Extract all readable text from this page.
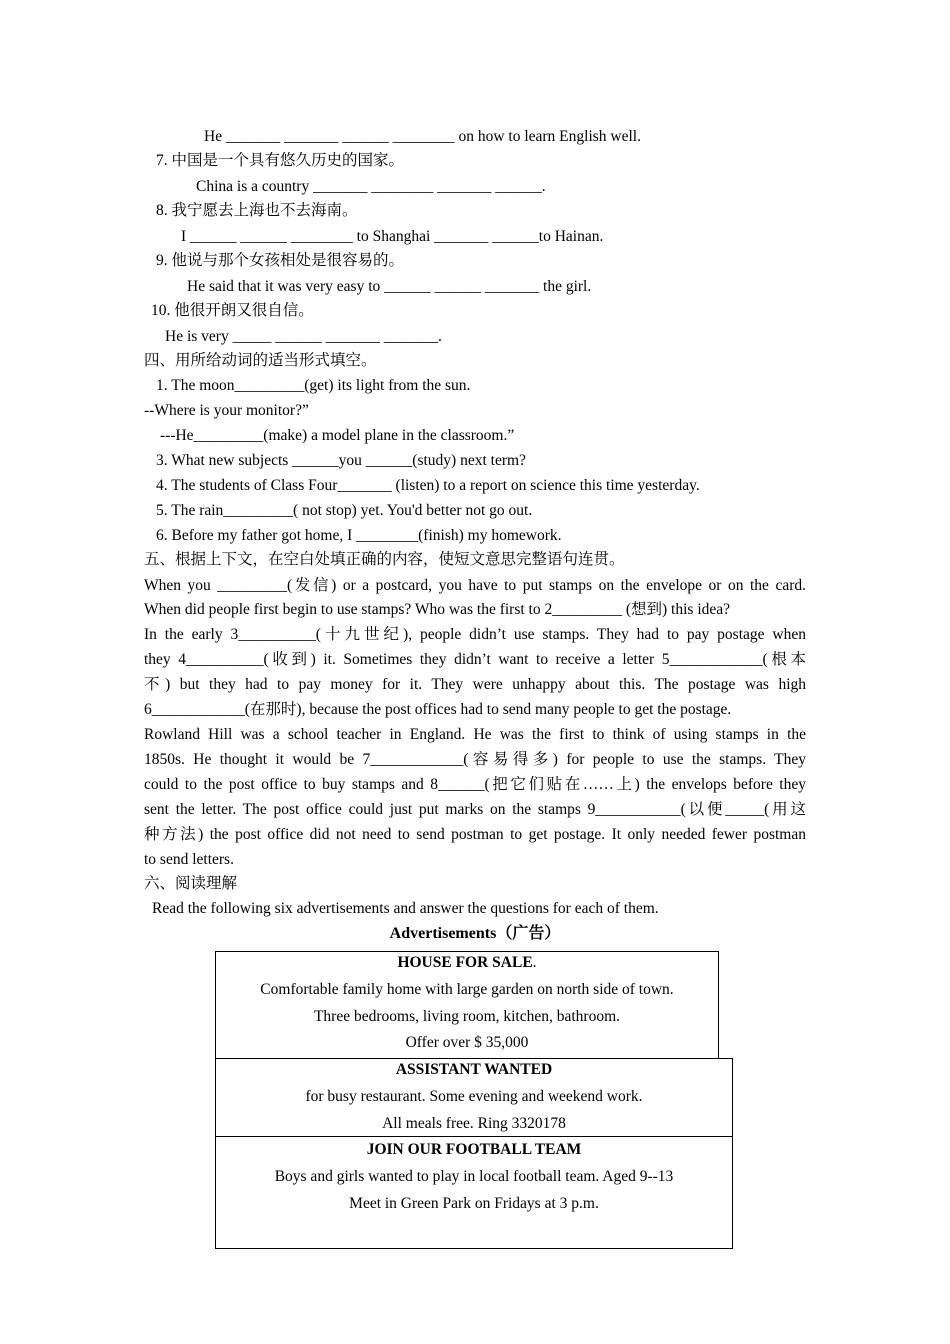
He _______ _______ ______ ________ on how to learn English well.
7. 中国是一个具有悠久历史的国家。
China is a country _______ ________ _______ ______.
8. 我宁愿去上海也不去海南。
I ______ ______ ________ to Shanghai _______ ______to Hainan.
9. 他说与那个女孩相处是很容易的。
He said that it was very easy to ______ ______ _______ the girl.
10. 他很开朗又很自信。
He is very _____ ______ _______ _______.
四、用所给动词的适当形式填空。
1. The moon_________(get) its light from the sun.
--Where is your monitor?”
---He_________(make) a model plane in the classroom.”
3. What new subjects ______you ______(study) next term?
4. The students of Class Four_______ (listen) to a report on science this time yesterday.
5. The rain_________( not stop) yet. You'd better not go out.
6. Before my father got home, I ________(finish) my homework.
五、根据上下文，在空白处填正确的内容，使短文意思完整语句连贯。
When you _________(发信) or a postcard, you have to put stamps on the envelope or on the card.
When did people first begin to use stamps? Who was the first to 2_________ (想到) this idea?
In the early 3__________(十九世纪), people didn’t use stamps. They had to pay postage when
they 4__________(收到) it. Sometimes they didn’t want to receive a letter 5____________(根本
不) but they had to pay money for it. They were unhappy about this. The postage was high
6____________(在那时), because the post offices had to send many people to get the postage.
Rowland Hill was a school teacher in England. He was the first to think of using stamps in the
1850s. He thought it would be 7____________(容易得多) for people to use the stamps. They
could to the post office to buy stamps and 8______(把它们贴在……上) the envelops before they
sent the letter. The post office could just put marks on the stamps 9___________(以便_____(用这
种方法) the post office did not need to send postman to get postage. It only needed fewer postman
to send letters.
六、阅读理解
Read the following six advertisements and answer the questions for each of them.
Advertisements（广告）
HOUSE FOR SALE.
Comfortable family home with large garden on north side of town.
Three bedrooms, living room, kitchen, bathroom.
Offer over $ 35,000
ASSISTANT WANTED
for busy restaurant. Some evening and weekend work.
All meals free. Ring 3320178
JOIN OUR FOOTBALL TEAM
Boys and girls wanted to play in local football team. Aged 9--13
Meet in Green Park on Fridays at 3 p.m.
